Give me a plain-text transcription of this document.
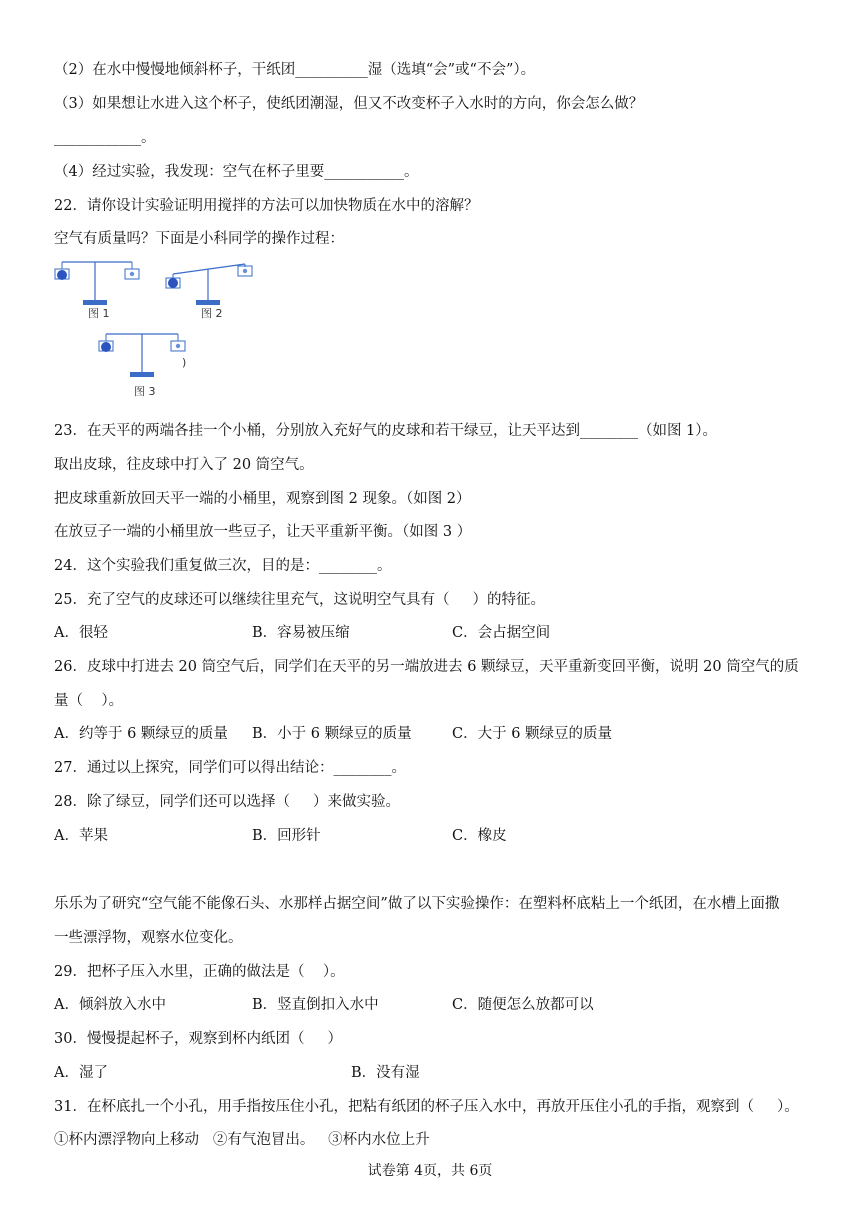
（2）在水中慢慢地倾斜杯子，干纸团__________湿（选填“会”或“不会”）。
（3）如果想让水进入这个杯子，使纸团潮湿，但又不改变杯子入水时的方向，你会怎么做？
____________。
（4）经过实验，我发现：空气在杯子里要___________。
22．请你设计实验证明用搅拌的方法可以加快物质在水中的溶解？
空气有质量吗？下面是小科同学的操作过程：
图 1	图 2
)
图 3
23．在天平的两端各挂一个小桶，分别放入充好气的皮球和若干绿豆，让天平达到________（如图 1）。
取出皮球，往皮球中打入了 20 筒空气。
把皮球重新放回天平一端的小桶里，观察到图 2 现象。（如图 2）
在放豆子一端的小桶里放一些豆子，让天平重新平衡。（如图 3 ）
24．这个实验我们重复做三次，目的是：________。
25．充了空气的皮球还可以继续往里充气，这说明空气具有（     ）的特征。
A．很轻	B．容易被压缩	C．会占据空间
26．皮球中打进去 20 筒空气后，同学们在天平的另一端放进去 6 颗绿豆，天平重新变回平衡，说明 20 筒空气的质
量（    ）。
A．约等于 6 颗绿豆的质量 B．小于 6 颗绿豆的质量	C．大于 6 颗绿豆的质量
27．通过以上探究，同学们可以得出结论：________。
28．除了绿豆，同学们还可以选择（     ）来做实验。
A．苹果	B．回形针	C．橡皮
乐乐为了研究“空气能不能像石头、水那样占据空间”做了以下实验操作：在塑料杯底粘上一个纸团，在水槽上面撒
一些漂浮物，观察水位变化。
29．把杯子压入水里，正确的做法是（    ）。
A．倾斜放入水中	B．竖直倒扣入水中	C．随便怎么放都可以
30．慢慢提起杯子，观察到杯内纸团（     ）
A．湿了	B．没有湿
31．在杯底扎一个小孔，用手指按压住小孔，把粘有纸团的杯子压入水中，再放开压住小孔的手指，观察到（     ）。
①杯内漂浮物向上移动   ②有气泡冒出。   ③杯内水位上升
试卷第 4页，共 6页
